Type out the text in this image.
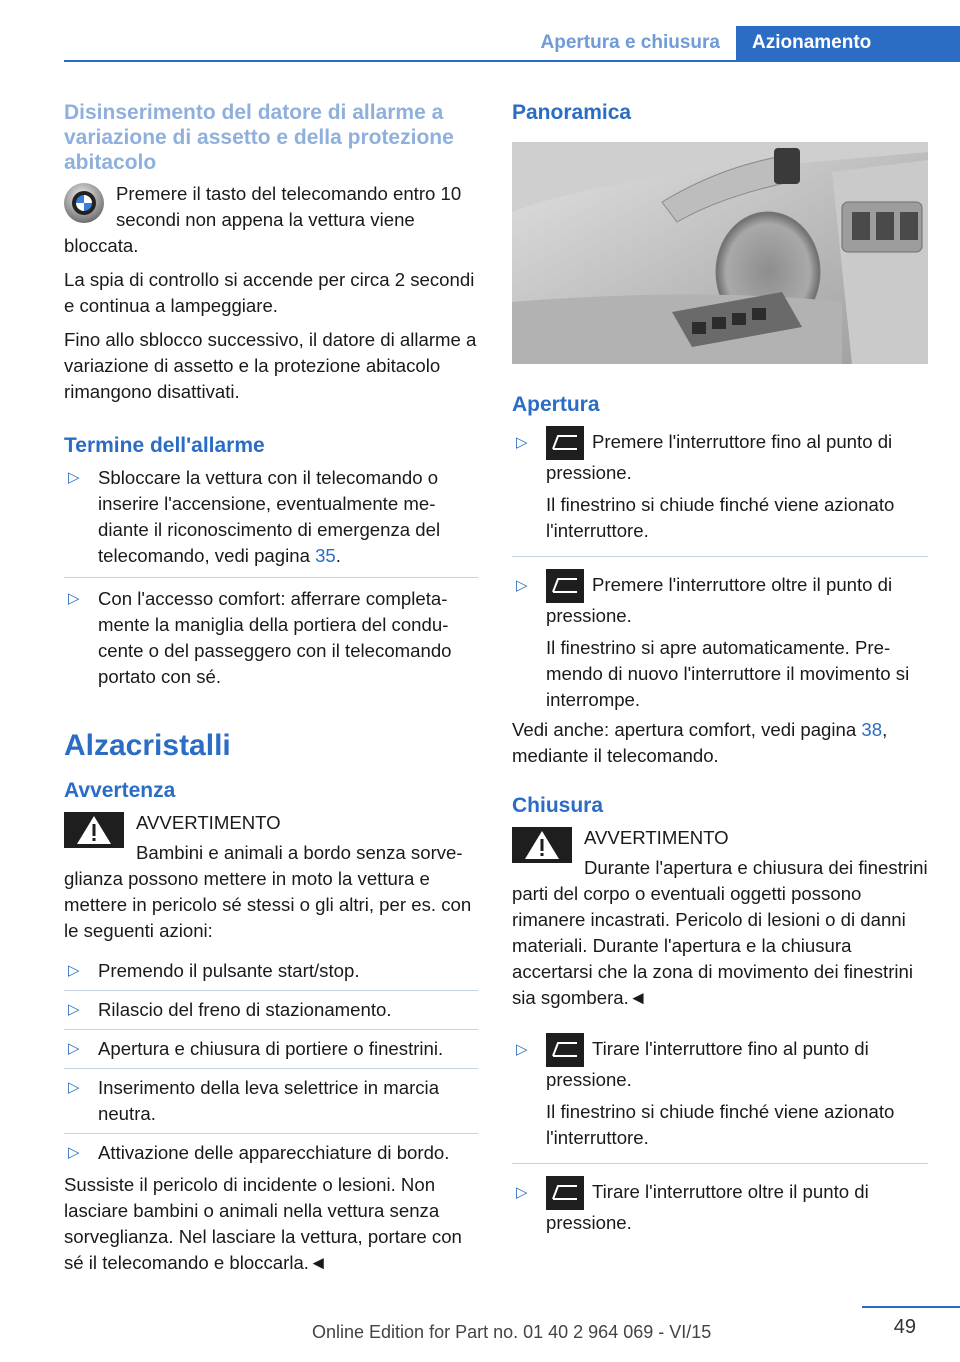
Apertura e chiusura	Azionamento
Disinserimento del datore di allarme a variazione di assetto e della protezione abitacolo

Premere il tasto del telecomando entro 10 secondi non appena la vettura viene bloccata.

La spia di controllo si accende per circa 2 secondi e continua a lampeggiare.

Fino allo sblocco successivo, il datore di allarme a variazione di assetto e la protezione abitacolo rimangono disattivati.

Termine dell'allarme
▷ Sbloccare la vettura con il telecomando o inserire l'accensione, eventualmente mediante il riconoscimento di emergenza del telecomando, vedi pagina 35.
▷ Con l'accesso comfort: afferrare completamente la maniglia della portiera del conducente o del passeggero con il telecomando portato con sé.
Alzacristalli
Avvertenza

AVVERTIMENTO

Bambini e animali a bordo senza sorveglianza possono mettere in moto la vettura e mettere in pericolo sé stessi o gli altri, per es. con le seguenti azioni:

▷ Premendo il pulsante start/stop.
▷ Rilascio del freno di stazionamento.
▷ Apertura e chiusura di portiere o finestrini.
▷ Inserimento della leva selettrice in marcia neutra.
▷ Attivazione delle apparecchiature di bordo.

Sussiste il pericolo di incidente o lesioni. Non lasciare bambini o animali nella vettura senza sorveglianza. Nel lasciare la vettura, portare con sé il telecomando e bloccarla.◄

Panoramica
Apertura
▷	Premere l'interruttore fino al punto di pressione.

Il finestrino si chiude finché viene azionato l'interruttore.

▷	Premere l'interruttore oltre il punto di pressione.

Il finestrino si apre automaticamente. Premendo di nuovo l'interruttore il movimento si interrompe.

Vedi anche: apertura comfort, vedi pagina 38, mediante il telecomando.

Chiusura

AVVERTIMENTO

Durante l'apertura e chiusura dei finestrini parti del corpo o eventuali oggetti possono rimanere incastrati. Pericolo di lesioni o di danni materiali. Durante l'apertura e la chiusura accertarsi che la zona di movimento dei finestrini sia sgombera.◄

▷	Tirare l'interruttore fino al punto di pressione.

Il finestrino si chiude finché viene azionato l'interruttore.

▷	Tirare l'interruttore oltre il punto di pressione.
Online Edition for Part no. 01 40 2 964 069 - VI/15	49
